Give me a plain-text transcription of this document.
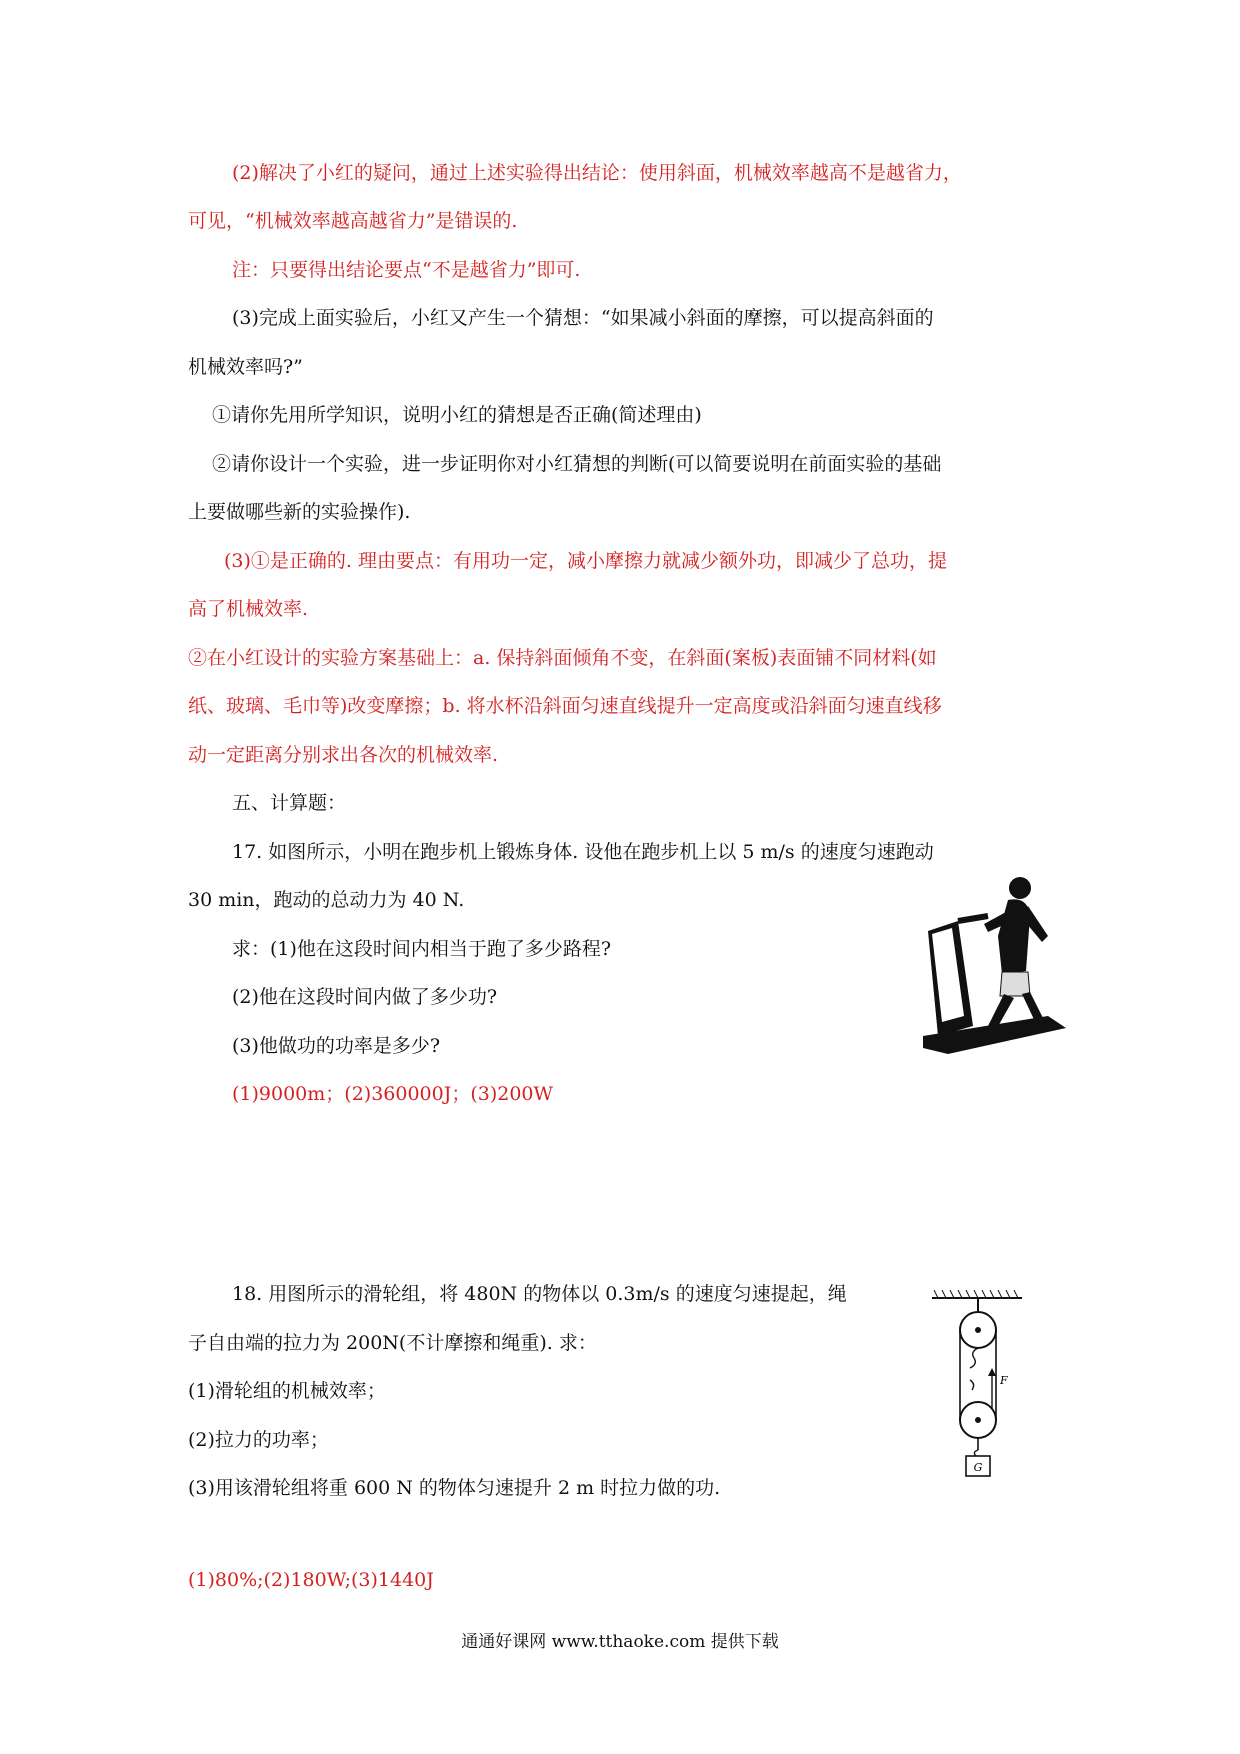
(2)解决了小红的疑问，通过上述实验得出结论：使用斜面，机械效率越高不是越省力，
可见，“机械效率越高越省力”是错误的.
注：只要得出结论要点“不是越省力”即可.
(3)完成上面实验后，小红又产生一个猜想：“如果减小斜面的摩擦，可以提高斜面的
机械效率吗?”
①请你先用所学知识，说明小红的猜想是否正确(简述理由)
②请你设计一个实验，进一步证明你对小红猜想的判断(可以简要说明在前面实验的基础
上要做哪些新的实验操作).
(3)①是正确的. 理由要点：有用功一定，减小摩擦力就减少额外功，即减少了总功，提
高了机械效率.
②在小红设计的实验方案基础上：a. 保持斜面倾角不变，在斜面(案板)表面铺不同材料(如
纸、玻璃、毛巾等)改变摩擦；b. 将水杯沿斜面匀速直线提升一定高度或沿斜面匀速直线移
动一定距离分别求出各次的机械效率.
五、计算题：
17. 如图所示，小明在跑步机上锻炼身体. 设他在跑步机上以 5 m/s 的速度匀速跑动
30 min，跑动的总动力为 40 N.
求：(1)他在这段时间内相当于跑了多少路程?
(2)他在这段时间内做了多少功?
(3)他做功的功率是多少?
(1)9000m；(2)360000J；(3)200W
18. 用图所示的滑轮组，将 480N 的物体以 0.3m/s 的速度匀速提起，绳
子自由端的拉力为 200N(不计摩擦和绳重). 求：
(1)滑轮组的机械效率；
(2)拉力的功率；
(3)用该滑轮组将重 600 N 的物体匀速提升 2 m 时拉力做的功.
(1)80%;(2)180W;(3)1440J
F
G
通通好课网 www.tthaoke.com 提供下载
